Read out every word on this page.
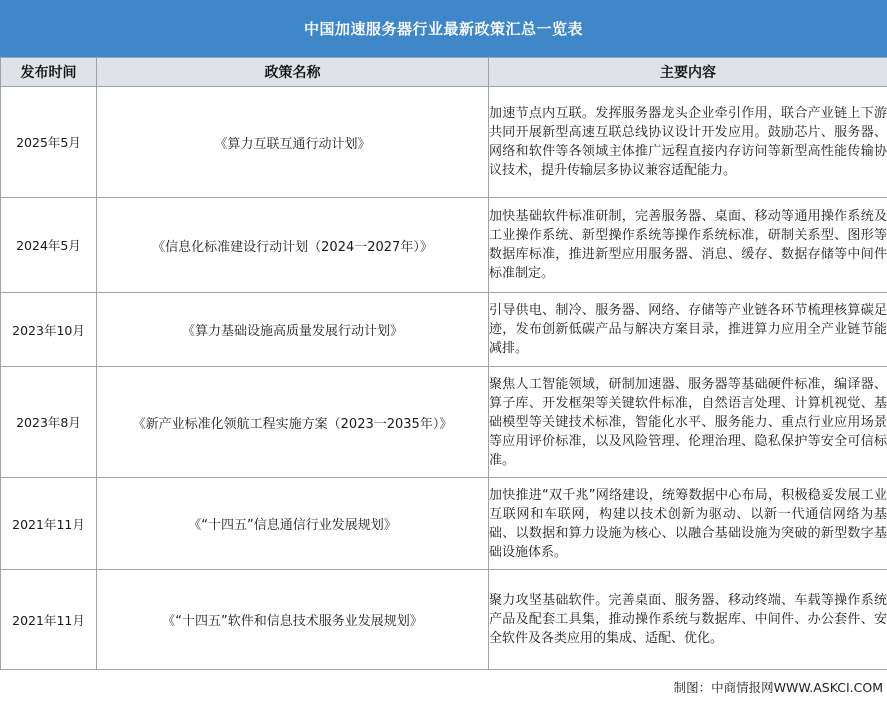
中国加速服务器行业最新政策汇总一览表
发布时间	政策名称	主要内容
2025年5月	《算力互联互通行动计划》	加速节点内互联。发挥服务器龙头企业牵引作用，联合产业链上下游共同开展新型高速互联总线协议设计开发应用。鼓励芯片、服务器、网络和软件等各领域主体推广远程直接内存访问等新型高性能传输协议技术，提升传输层多协议兼容适配能力。
2024年5月	《信息化标准建设行动计划（2024一2027年）》	加快基础软件标准研制，完善服务器、桌面、移动等通用操作系统及工业操作系统、新型操作系统等操作系统标准，研制关系型、图形等数据库标准，推进新型应用服务器、消息、缓存、数据存储等中间件标准制定。
2023年10月	《算力基础设施高质量发展行动计划》	引导供电、制冷、服务器、网络、存储等产业链各环节梳理核算碳足迹，发布创新低碳产品与解决方案目录，推进算力应用全产业链节能减排。
2023年8月	《新产业标准化领航工程实施方案（2023一2035年）》	聚焦人工智能领域，研制加速器、服务器等基础硬件标准，编译器、算子库、开发框架等关键软件标准，自然语言处理、计算机视觉、基础模型等关键技术标准，智能化水平、服务能力、重点行业应用场景等应用评价标准，以及风险管理、伦理治理、隐私保护等安全可信标准。
2021年11月	《“十四五”信息通信行业发展规划》	加快推进“双千兆”网络建设，统筹数据中心布局，积极稳妥发展工业互联网和车联网，构建以技术创新为驱动、以新一代通信网络为基础、以数据和算力设施为核心、以融合基础设施为突破的新型数字基础设施体系。
2021年11月	《“十四五”软件和信息技术服务业发展规划》	聚力攻坚基础软件。完善桌面、服务器、移动终端、车载等操作系统产品及配套工具集，推动操作系统与数据库、中间件、办公套件、安全软件及各类应用的集成、适配、优化。
制图：中商情报网WWW.ASKCI.COM
